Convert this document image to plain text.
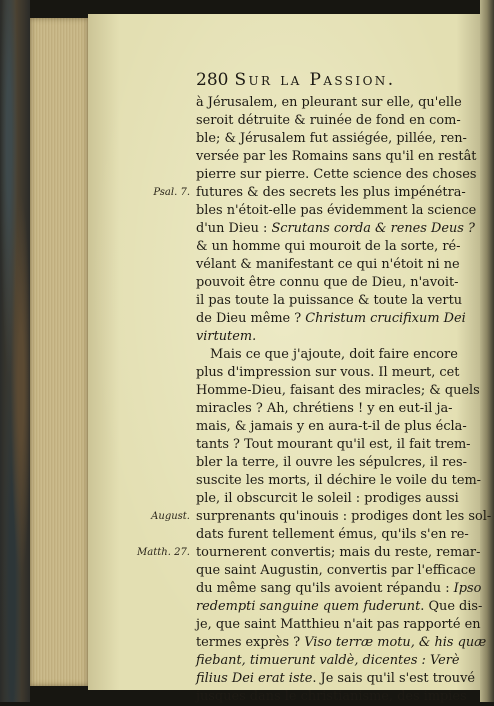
280 Sur la Passion.
à Jérusalem, en pleurant sur elle, qu'elle
seroit détruite & ruinée de fond en com-
ble; & Jérusalem fut assiégée, pillée, ren-
versée par les Romains sans qu'il en restât
pierre sur pierre. Cette science des choses
futures & des secrets les plus impénétra-
bles n'étoit-elle pas évidemment la science
d'un Dieu : Scrutans corda & renes Deus ?
& un homme qui mouroit de la sorte, ré-
vélant & manifestant ce qui n'étoit ni ne
pouvoit être connu que de Dieu, n'avoit-
il pas toute la puissance & toute la vertu
de Dieu même ? Christum crucifixum Dei
virtutem.
Mais ce que j'ajoute, doit faire encore
plus d'impression sur vous. Il meurt, cet
Homme-Dieu, faisant des miracles; & quels
miracles ? Ah, chrétiens ! y en eut-il ja-
mais, & jamais y en aura-t-il de plus écla-
tants ? Tout mourant qu'il est, il fait trem-
bler la terre, il ouvre les sépulcres, il res-
suscite les morts, il déchire le voile du tem-
ple, il obscurcit le soleil : prodiges aussi
surprenants qu'inouis : prodiges dont les sol-
dats furent tellement émus, qu'ils s'en re-
tournerent convertis; mais du reste, remar-
que saint Augustin, convertis par l'efficace
du même sang qu'ils avoient répandu : Ipso
redempti sanguine quem fuderunt. Que dis-
je, que saint Matthieu n'ait pas rapporté en
termes exprès ? Viso terræ motu, & his quæ
fiebant, timuerunt valdè, dicentes : Verè
filius Dei erat iste. Je sais qu'il s'est trouvé
jusques dans le christianisme, des impies
Psal. 7.
August.
Matth. 27.
